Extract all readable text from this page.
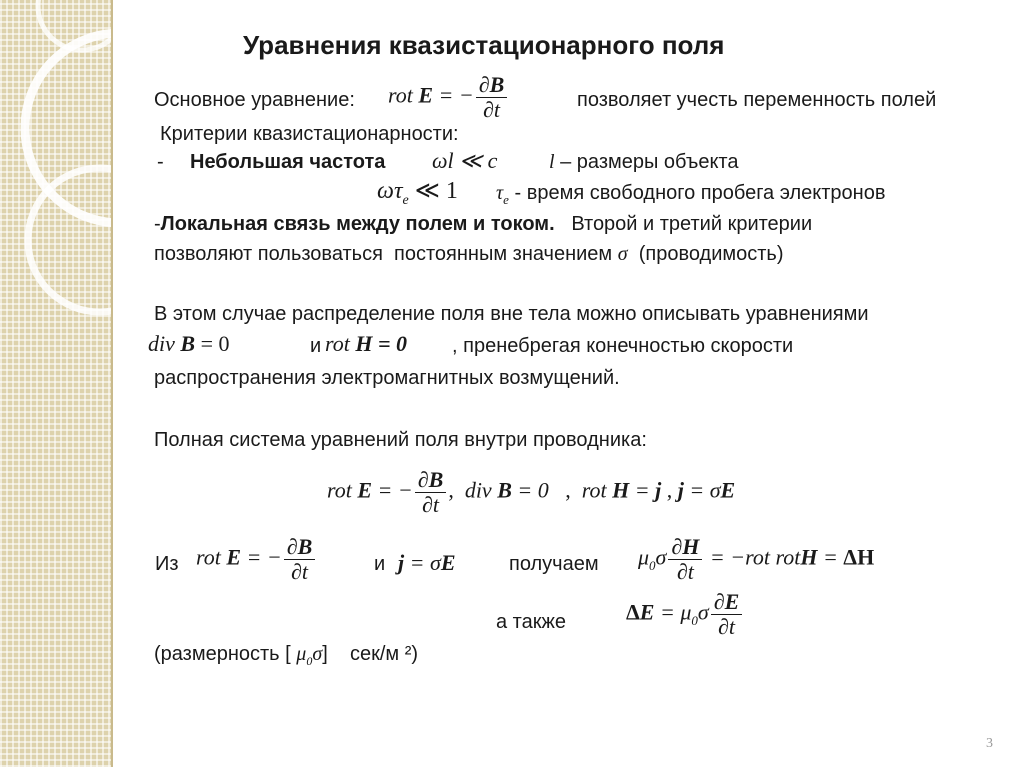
Уравнения квазистационарного поля
Основное уравнение: rot E = − $\frac{\partial B}{\partial t}$	позволяет учесть переменность полей
Критерии квазистационарности:
- Небольшая частота ωl ≪ c	l – размеры объекта
$\omega\tau_e$ ≪ 1 $\tau_e$ - время свободного пробега электронов
-Локальная связь между полем и током.   Второй и третий критерии
позволяют пользоваться  постоянным значением σ  (проводимость)
В этом случае распределение поля вне тела можно описывать уравнениями
div B = 0	и rot H = 0 , пренебрегая конечностью скорости
распространения электромагнитных возмущений.
Полная система уравнений поля внутри проводника:
rot E = − $\frac{\partial B}{\partial t}$ , div B = 0   , rot H = j , j = σE
Из rot E = − $\frac{\partial B}{\partial t}$	и j = σE	получаем $\mu_0\sigma \frac{\partial H}{\partial t} = -rot$ rotH = ΔH
а также	$\Delta E = \mu_0\sigma \frac{\partial E}{\partial t}$
(размерность [ $\mu_0\sigma$] сек/м ²)
3
